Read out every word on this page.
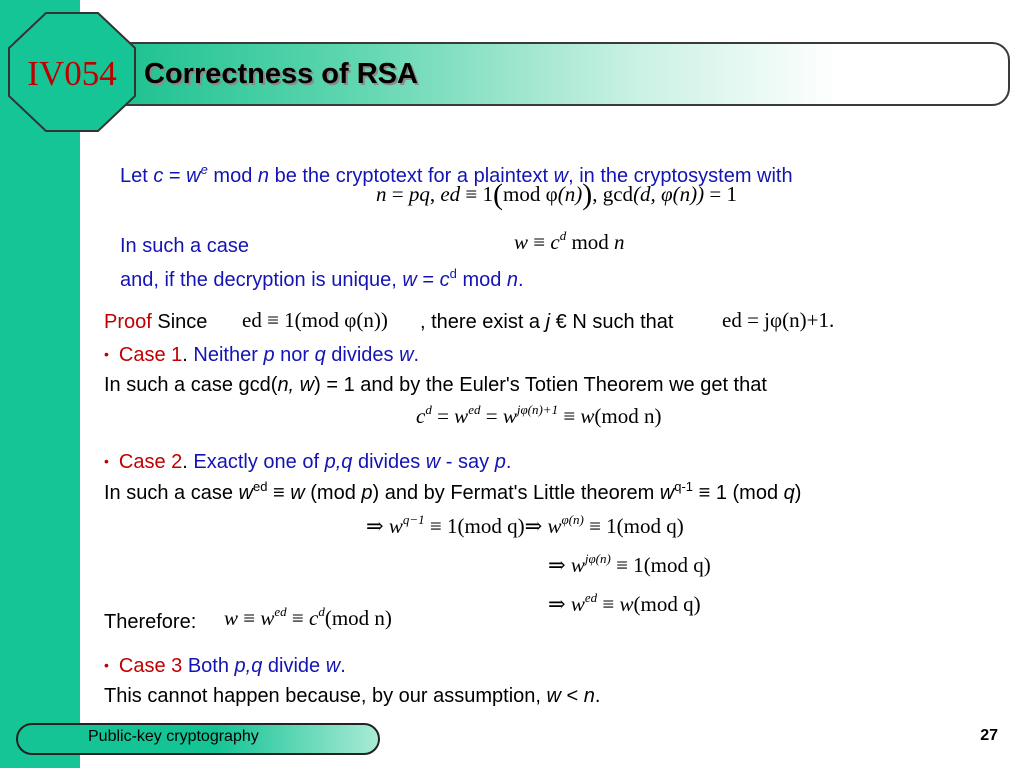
IV054 Correctness of RSA
Let $c = w^e$ mod n be the cryptotext for a plaintext w, in the cryptosystem with
n = pq, ed ≡ 1(mod φ(n)), gcd(d, φ(n)) = 1
In such a case	$w \equiv c^d$ mod n
and, if the decryption is unique, $w = c^d$ mod n.
Proof Since ed ≡ 1(mod φ(n)) , there exist a j € N such that ed = jφ(n)+1.
• Case 1. Neither p nor q divides w.
In such a case gcd(n, w) = 1 and by the Euler's Totien Theorem we get that
$c^d = w^{ed} = w^{j\varphi(n)+1} \equiv w(mod$ n)
• Case 2. Exactly one of p,q divides w - say p.
In such a case $w^{ed} \equiv w$ (mod p) and by Fermat's Little theorem $w^{q-1} \equiv 1$ (mod q)
⇒ $w^{q-1} \equiv 1(mod$ q)⇒ $w^{\varphi(n)} \equiv 1(mod$ q)
⇒ $w^{j\varphi(n)} \equiv 1(mod$ q)
⇒ $w^{ed} \equiv w(mod$ q)
Therefore: $w \equiv w^{ed} \equiv c^d(mod$ n)
• Case 3 Both p,q divide w.
This cannot happen because, by our assumption, w < n.
Public-key cryptography	27
